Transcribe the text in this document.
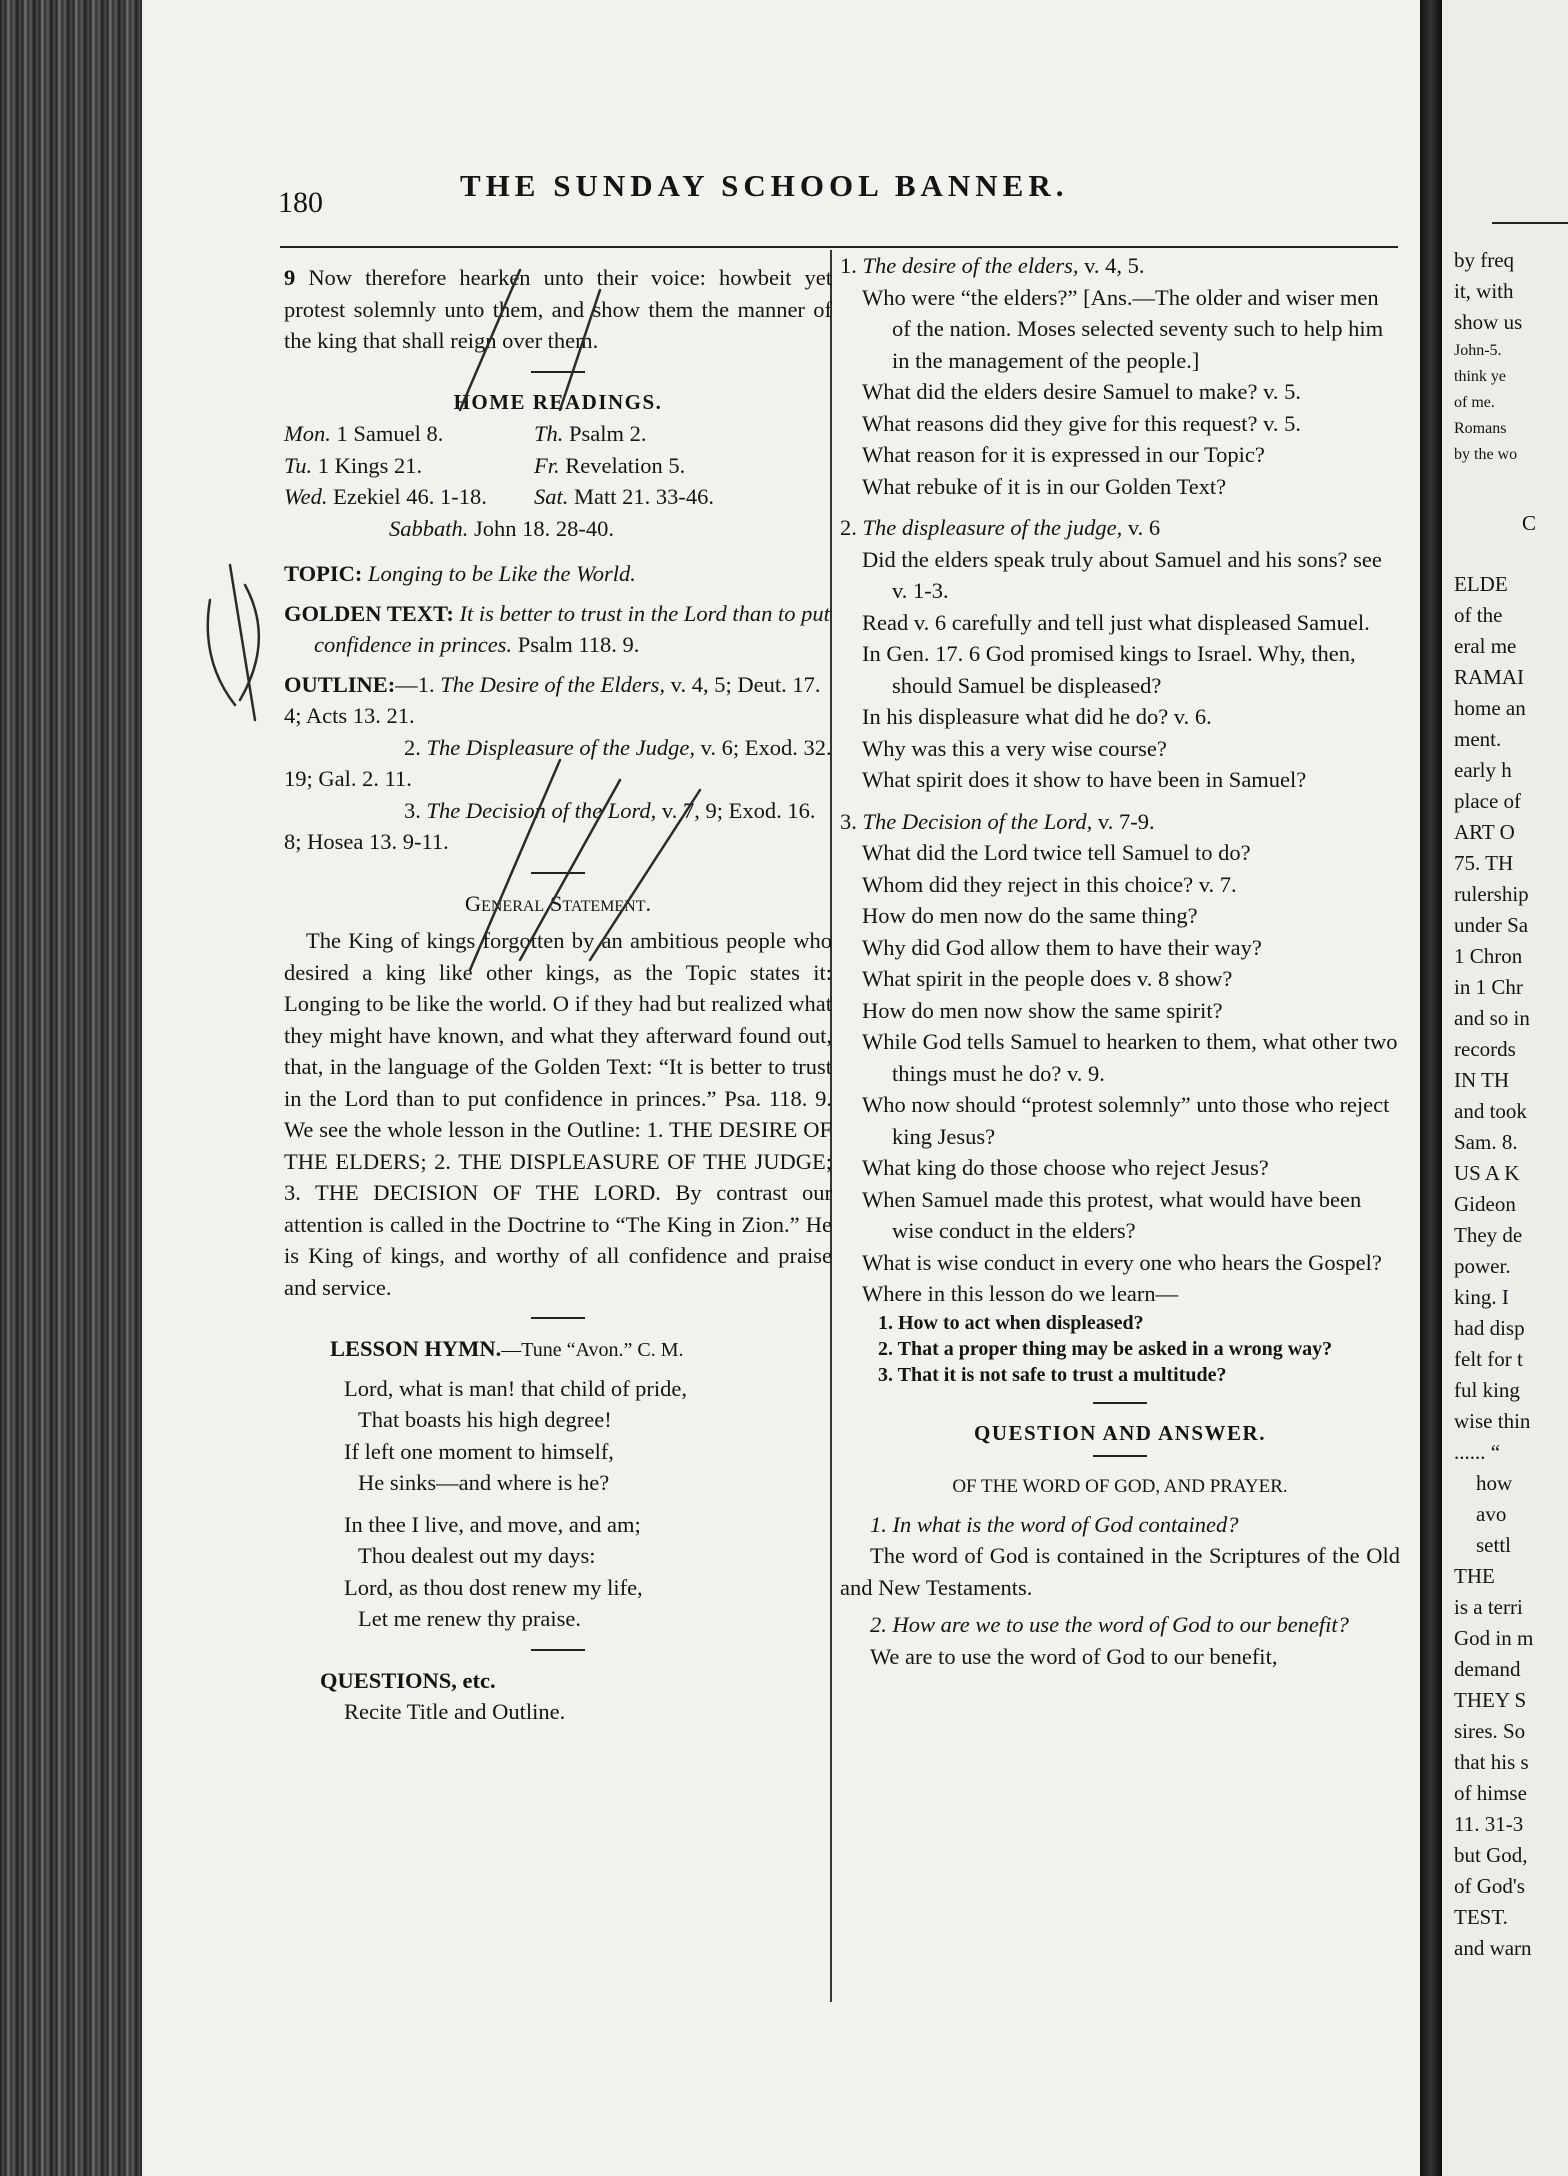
by freq
it, with
show us
John-5.
think ye
of me.
Romans
by the wo
C
ELDE
of the
eral me
RAMAI
home an
ment.
early h
place of
ART O
75. TH
rulership
under Sa
1 Chron
in 1 Chr
and so in
records
IN TH
and took
Sam. 8.
US A K
Gideon
They de
power.
king. I
had disp
felt for t
ful king
wise thin
...... “
how
avo
settl
THE
is a terri
God in m
demand
THEY S
sires. So
that his s
of himse
11. 31-3
but God,
of God's
TEST.
and warn
180	THE SUNDAY SCHOOL BANNER.

9 Now therefore hearken unto their voice: howbeit yet protest solemnly unto them, and show them the manner of the king that shall reign over them.

HOME READINGS.

Mon. 1 Samuel 8.	Th. Psalm 2.
Tu. 1 Kings 21.	Fr. Revelation 5.
Wed. Ezekiel 46. 1-18.	Sat. Matt 21. 33-46.
Sabbath. John 18. 28-40.

TOPIC: Longing to be Like the World.

GOLDEN TEXT: It is better to trust in the Lord than to put confidence in princes. Psalm 118. 9.

OUTLINE:—1. The Desire of the Elders, v. 4, 5; Deut. 17. 4; Acts 13. 21.

2. The Displeasure of the Judge, v. 6; Exod. 32. 19; Gal. 2. 11.

3. The Decision of the Lord, v. 7, 9; Exod. 16. 8; Hosea 13. 9-11.

General Statement.

The King of kings forgotten by an ambitious people who desired a king like other kings, as the Topic states it: Longing to be like the world. O if they had but realized what they might have known, and what they afterward found out, that, in the language of the Golden Text: “It is better to trust in the Lord than to put confidence in princes.” Psa. 118. 9. We see the whole lesson in the Outline: 1. THE DESIRE OF THE ELDERS; 2. THE DISPLEASURE OF THE JUDGE; 3. THE DECISION OF THE LORD. By contrast our attention is called in the Doctrine to “The King in Zion.” He is King of kings, and worthy of all confidence and praise and service.

LESSON HYMN.—Tune “Avon.” C. M.

Lord, what is man! that child of pride,

That boasts his high degree!

If left one moment to himself,

He sinks—and where is he?

In thee I live, and move, and am;

Thou dealest out my days:

Lord, as thou dost renew my life,

Let me renew thy praise.

QUESTIONS, etc.

Recite Title and Outline.

1. The desire of the elders, v. 4, 5.

Who were “the elders?” [Ans.—The older and wiser men of the nation. Moses selected seventy such to help him in the management of the people.]

What did the elders desire Samuel to make? v. 5.

What reasons did they give for this request? v. 5.

What reason for it is expressed in our Topic?

What rebuke of it is in our Golden Text?

2. The displeasure of the judge, v. 6

Did the elders speak truly about Samuel and his sons? see v. 1-3.

Read v. 6 carefully and tell just what displeased Samuel.

In Gen. 17. 6 God promised kings to Israel. Why, then, should Samuel be displeased?

In his displeasure what did he do? v. 6.

Why was this a very wise course?

What spirit does it show to have been in Samuel?

3. The Decision of the Lord, v. 7-9.

What did the Lord twice tell Samuel to do?

Whom did they reject in this choice? v. 7.

How do men now do the same thing?

Why did God allow them to have their way?

What spirit in the people does v. 8 show?

How do men now show the same spirit?

While God tells Samuel to hearken to them, what other two things must he do? v. 9.

Who now should “protest solemnly” unto those who reject king Jesus?

What king do those choose who reject Jesus?

When Samuel made this protest, what would have been wise conduct in the elders?

What is wise conduct in every one who hears the Gospel?

Where in this lesson do we learn—

1. How to act when displeased?

2. That a proper thing may be asked in a wrong way?

3. That it is not safe to trust a multitude?

QUESTION AND ANSWER.

OF THE WORD OF GOD, AND PRAYER.

1. In what is the word of God contained?

The word of God is contained in the Scriptures of the Old and New Testaments.

2. How are we to use the word of God to our benefit?

We are to use the word of God to our benefit,
